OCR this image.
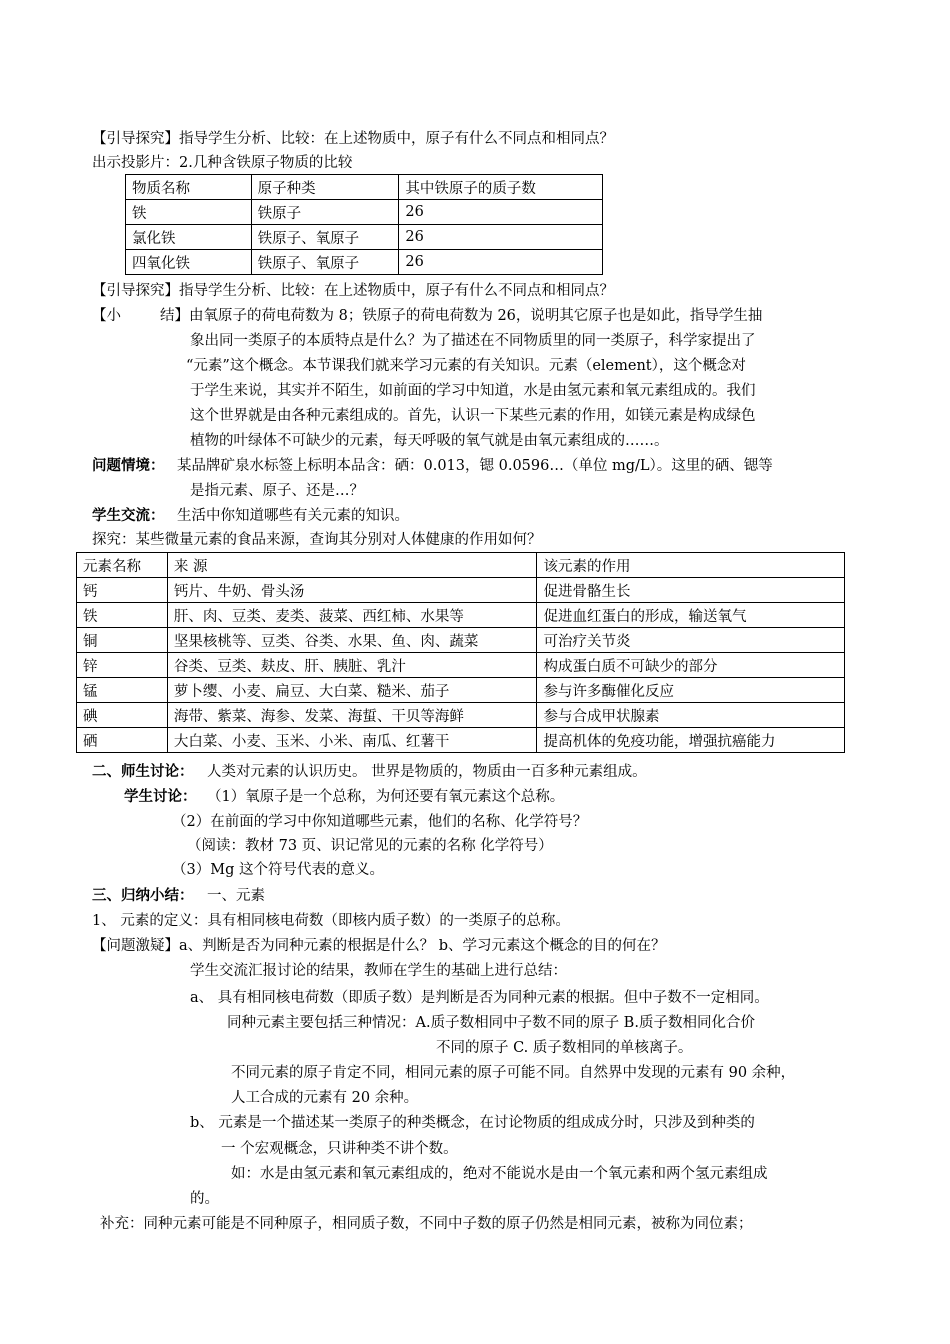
【引导探究】指导学生分析、比较：在上述物质中，原子有什么不同点和相同点？
出示投影片：2.几种含铁原子物质的比较
物质名称	原子种类	其中铁原子的质子数
铁	铁原子	26
氯化铁	铁原子、氧原子	26
四氧化铁	铁原子、氧原子	26
【引导探究】指导学生分析、比较：在上述物质中，原子有什么不同点和相同点？
【小	结】由氧原子的荷电荷数为 8；铁原子的荷电荷数为 26，说明其它原子也是如此，指导学生抽
象出同一类原子的本质特点是什么？为了描述在不同物质里的同一类原子，科学家提出了
“元素”这个概念。本节课我们就来学习元素的有关知识。元素（element），这个概念对
于学生来说，其实并不陌生，如前面的学习中知道，水是由氢元素和氧元素组成的。我们
这个世界就是由各种元素组成的。首先，认识一下某些元素的作用，如镁元素是构成绿色
植物的叶绿体不可缺少的元素，每天呼吸的氧气就是由氧元素组成的……。
问题情境： 某品牌矿泉水标签上标明本品含：硒：0.013，锶 0.0596…（单位 mg/L）。这里的硒、锶等
是指元素、原子、还是…？
学生交流： 生活中你知道哪些有关元素的知识。
探究：某些微量元素的食品来源，查询其分别对人体健康的作用如何？
元素名称	来 源	该元素的作用
钙	钙片、牛奶、骨头汤	促进骨骼生长
铁	肝、肉、豆类、麦类、菠菜、西红柿、水果等	促进血红蛋白的形成，输送氧气
铜	坚果核桃等、豆类、谷类、水果、鱼、肉、蔬菜	可治疗关节炎
锌	谷类、豆类、麸皮、肝、胰脏、乳汁	构成蛋白质不可缺少的部分
锰	萝卜缨、小麦、扁豆、大白菜、糙米、茄子	参与许多酶催化反应
碘	海带、紫菜、海参、发菜、海蜇、干贝等海鲜	参与合成甲状腺素
硒	大白菜、小麦、玉米、小米、南瓜、红薯干	提高机体的免疫功能，增强抗癌能力
二、师生讨论： 人类对元素的认识历史。 世界是物质的，物质由一百多种元素组成。
学生讨论： （1）氧原子是一个总称，为何还要有氧元素这个总称。
（2）在前面的学习中你知道哪些元素，他们的名称、化学符号？
（阅读：教材 73 页、识记常见的元素的名称 化学符号）
（3）Mg 这个符号代表的意义。
三、归纳小结： 一、元素
1、 元素的定义：具有相同核电荷数（即核内质子数）的一类原子的总称。
【问题激疑】a、判断是否为同种元素的根据是什么？ b、学习元素这个概念的目的何在？
学生交流汇报讨论的结果，教师在学生的基础上进行总结：
a、 具有相同核电荷数（即质子数）是判断是否为同种元素的根据。但中子数不一定相同。
同种元素主要包括三种情况：A.质子数相同中子数不同的原子 B.质子数相同化合价
不同的原子 C. 质子数相同的单核离子。
不同元素的原子肯定不同，相同元素的原子可能不同。自然界中发现的元素有 90 余种，
人工合成的元素有 20 余种。
b、 元素是一个描述某一类原子的种类概念，在讨论物质的组成成分时，只涉及到种类的
一 个宏观概念，只讲种类不讲个数。
如：水是由氢元素和氧元素组成的，绝对不能说水是由一个氧元素和两个氢元素组成
的。
补充：同种元素可能是不同种原子，相同质子数，不同中子数的原子仍然是相同元素，被称为同位素；
